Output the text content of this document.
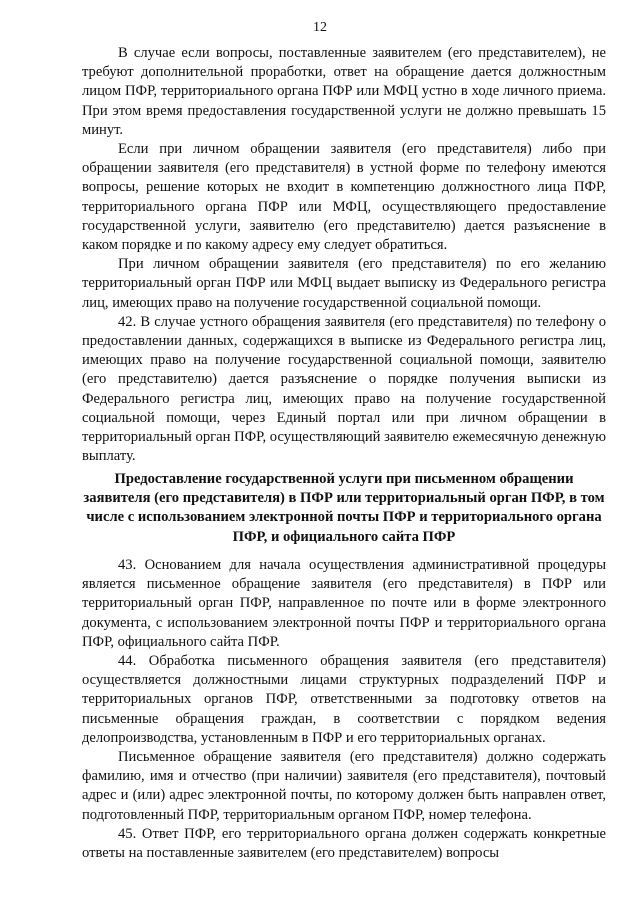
12

В случае если вопросы, поставленные заявителем (его представителем), не требуют дополнительной проработки, ответ на обращение дается должностным лицом ПФР, территориального органа ПФР или МФЦ устно в ходе личного приема. При этом время предоставления государственной услуги не должно превышать 15 минут.

Если при личном обращении заявителя (его представителя) либо при обращении заявителя (его представителя) в устной форме по телефону имеются вопросы, решение которых не входит в компетенцию должностного лица ПФР, территориального органа ПФР или МФЦ, осуществляющего предоставление государственной услуги, заявителю (его представителю) дается разъяснение в каком порядке и по какому адресу ему следует обратиться.

При личном обращении заявителя (его представителя) по его желанию территориальный орган ПФР или МФЦ выдает выписку из Федерального регистра лиц, имеющих право на получение государственной социальной помощи.

42. В случае устного обращения заявителя (его представителя) по телефону о предоставлении данных, содержащихся в выписке из Федерального регистра лиц, имеющих право на получение государственной социальной помощи, заявителю (его представителю) дается разъяснение о порядке получения выписки из Федерального регистра лиц, имеющих право на получение государственной социальной помощи, через Единый портал или при личном обращении в территориальный орган ПФР, осуществляющий заявителю ежемесячную денежную выплату.

Предоставление государственной услуги при письменном обращении заявителя (его представителя) в ПФР или территориальный орган ПФР, в том числе с использованием электронной почты ПФР и территориального органа ПФР, и официального сайта ПФР

43. Основанием для начала осуществления административной процедуры является письменное обращение заявителя (его представителя) в ПФР или территориальный орган ПФР, направленное по почте или в форме электронного документа, с использованием электронной почты ПФР и территориального органа ПФР, официального сайта ПФР.

44. Обработка письменного обращения заявителя (его представителя) осуществляется должностными лицами структурных подразделений ПФР и территориальных органов ПФР, ответственными за подготовку ответов на письменные обращения граждан, в соответствии с порядком ведения делопроизводства, установленным в ПФР и его территориальных органах.

Письменное обращение заявителя (его представителя) должно содержать фамилию, имя и отчество (при наличии) заявителя (его представителя), почтовый адрес и (или) адрес электронной почты, по которому должен быть направлен ответ, подготовленный ПФР, территориальным органом ПФР, номер телефона.

45. Ответ ПФР, его территориального органа должен содержать конкретные ответы на поставленные заявителем (его представителем) вопросы
